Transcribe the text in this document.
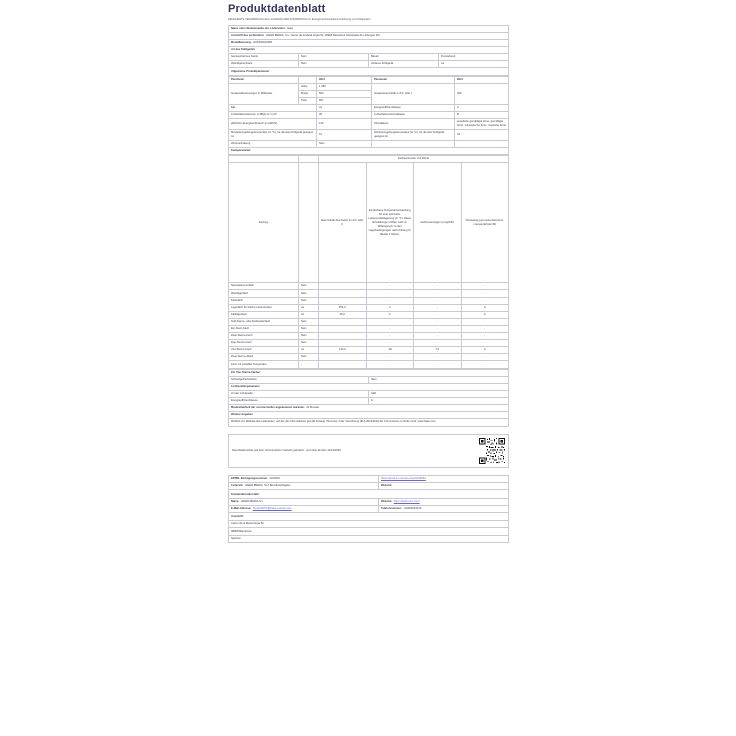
Produktdatenblatt
DELEGIERTE VERORDNUNG (EU) 2019/2016 DER KOMMISSION zur Energieverbrauchskennzeichnung von Kühlgeräten
Name oder Handelsmarke des Lieferanten: Haier			
Anschrift des Lieferanten: HAIER IBERIA, S.L; Carrer de la Metal·lúrgia 52, 08908 Barcelona l'Hospitalet de Llobregat, ES			
Modellkennung: HOFF630ANFR			
Art des Kühlgeräts			
Geräuscharmes Gerät	Nein	Bauart	Freistehend
Weinlagerschrank	Nein	Anderes Kühlgerät	Ja
Allgemeine Produktparameter			
Parameter		Wert	Parameter	Wert
Gesamtabmessungen in Millimeter	Höhe	1 350	Gesamtrauminhalt in dm³ oder l	409
	Breite	590		
	Tiefe	657		
EEI		41	Energieeffizienzklasse	A
Luftschallemissionen in dB(A) re 1 pW		35	Luftschallemissionsklasse	B
jährlicher Energieverbrauch (in kWh/a)		132	Klimaklasse	erweiterte gemäßigte Zone, gemäßigte Zone, subtropische Zone, tropische Zone
Mindestumgebungstemperatur (in °C), für die das Kühlgerät geeignet ist		10	Höchstumgebungstemperatur (in °C), für die das Kühlgerät geeignet ist	43
Winterschaltung		Nein		
Fachparameter:				
		Fachparameter und Werte			
Fachtyp		Rauminhalt des Fachs (in dm³ oder l)	Empfohlene Temperatureinstellung für eine optimierte Lebensmittellagerung (in °C). Diese Einstellungen dürfen nicht im Widerspruch zu den Lagerbedingungen nach Anhang IV Tabelle 3 stehen.	Gefriervermögen (in kg/24h)	Defrosting type (auto-defrost=A, manual defrost=M)
Speisekammerfach	Nein		-	-	-
Weinlagerfach	Nein		-	-	-
Kellerfach	Nein		-	-	-
Lagerfach für frische Lebensmittel	Ja	254,0	4	-	A
Kaltlagerfach	Ja	25,0	2	-	A
Null-Sterne- oder Eisbereiterfach	Nein		-	-	-
Ein-Stern-Fach	Nein		-	-	-
Zwei-Sterne-Fach	Nein		-	-	-
Drei-Sterne-Fach	Nein		-	-	-
Vier-Sterne-Fach	Ja	130,0	-18	7,0	A
Zwei-Sterne-Abteil	Nein		-	-	-
Fach mit variabler Temperatur	-		-	-	-
Für Vier-Sterne-Fächer	
Schnellgefrierfunktion	Nein
Lichtquellenparameter	
Art der Lichtquelle	LED
Energieeffizienzklasse	G
Mindestlaufzeit der vom Hersteller angebotenen Garantie: 24 Monate	
Weitere Angaben	
Weblink zur Website des Lieferanten, auf der die Informationen gemäß Anhang I Nummer 4 der Verordnung (EU) 2019/2019 der Kommission zu finden sind: www.haier.com	
Das Modell wurde auf dem Unionsmarkt in Verkehr gebracht , und zwar ab dem 11/01/2025
EPREL-Eintragungsnummer: 2249264	https://eprel.ec.europa.eu/qr/2249264
Lieferant: HAIER IBERIA, S.L( Bevollmächtigter)	Website:
Kundendienstkontakt:	
Name: HAIER IBERIA S.L	Website: https://haier-eire.com/
E-Mail-Adresse: ProductDSC@haier-europe.com	Telefonnummer: +34902013130
Anschrift:	
Carrer de la Metal·lúrgia 52	
08908 Barcelona	
Spanien	
